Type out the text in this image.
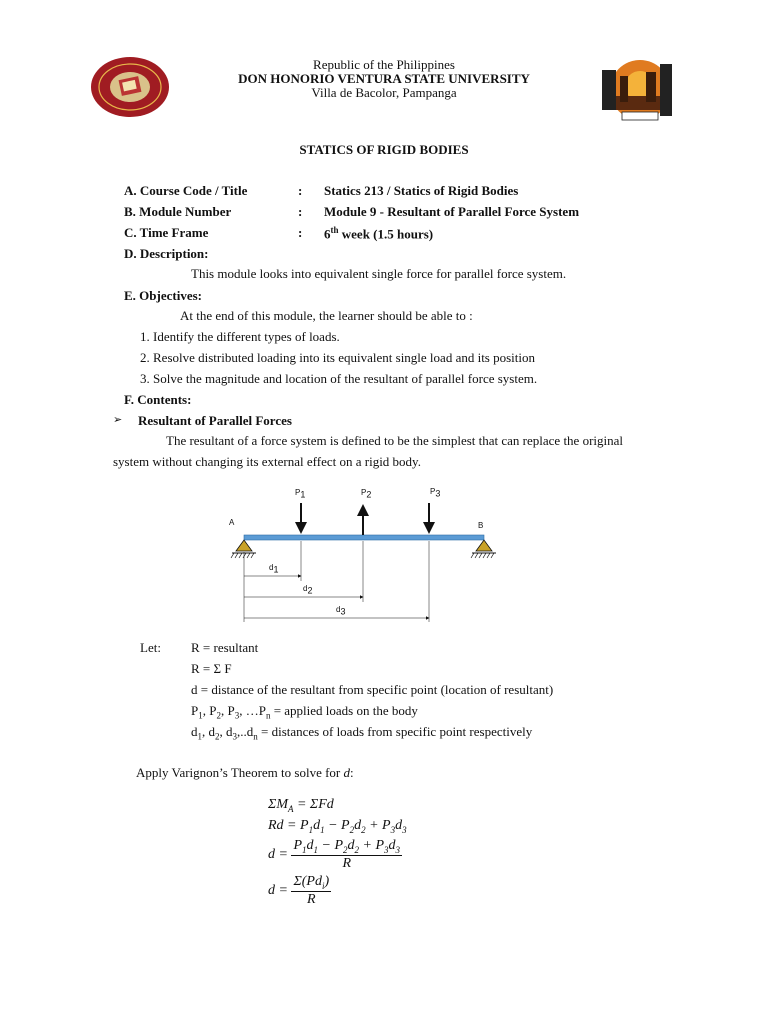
Republic of the Philippines
DON HONORIO VENTURA STATE UNIVERSITY
Villa de Bacolor, Pampanga
STATICS OF RIGID BODIES
A. Course Code / Title	: Statics 213 / Statics of Rigid Bodies
B. Module Number	: Module 9 - Resultant of Parallel Force System
C. Time Frame	: 6th week (1.5 hours)
D. Description:
This module looks into equivalent single force for parallel force system.
E. Objectives:
At the end of this module, the learner should be able to :
1. Identify the different types of loads.
2. Resolve distributed loading into its equivalent single load and its position
3. Solve the magnitude and location of the resultant of parallel force system.
F. Contents:
➢ Resultant of Parallel Forces
The resultant of a force system is defined to be the simplest that can replace the original
system without changing its external effect on a rigid body.
A	B
$P_1$	$P_2$	$P_3$
$d_1$
$d_2$
$d_3$
Let: R = resultant
R = Σ F
d = distance of the resultant from specific point (location of resultant)
$P_1$, $P_2$, $P_3$, $\dots P_n$ = applied loads on the body
$d_1$, $d_2$, $d_3,..d_n$ = distances of loads from specific point respectively
Apply Varignon’s Theorem to solve for d:
$\Sigma M_A = \Sigma Fd$
$Rd = P_1d_1 - P_2d_2 + P_3d_3$
$d = \frac{P_1d_1 - P_2d_2 + P_3d_3}{R}$
$d = \frac{\Sigma(Pd_i)}{R}$
